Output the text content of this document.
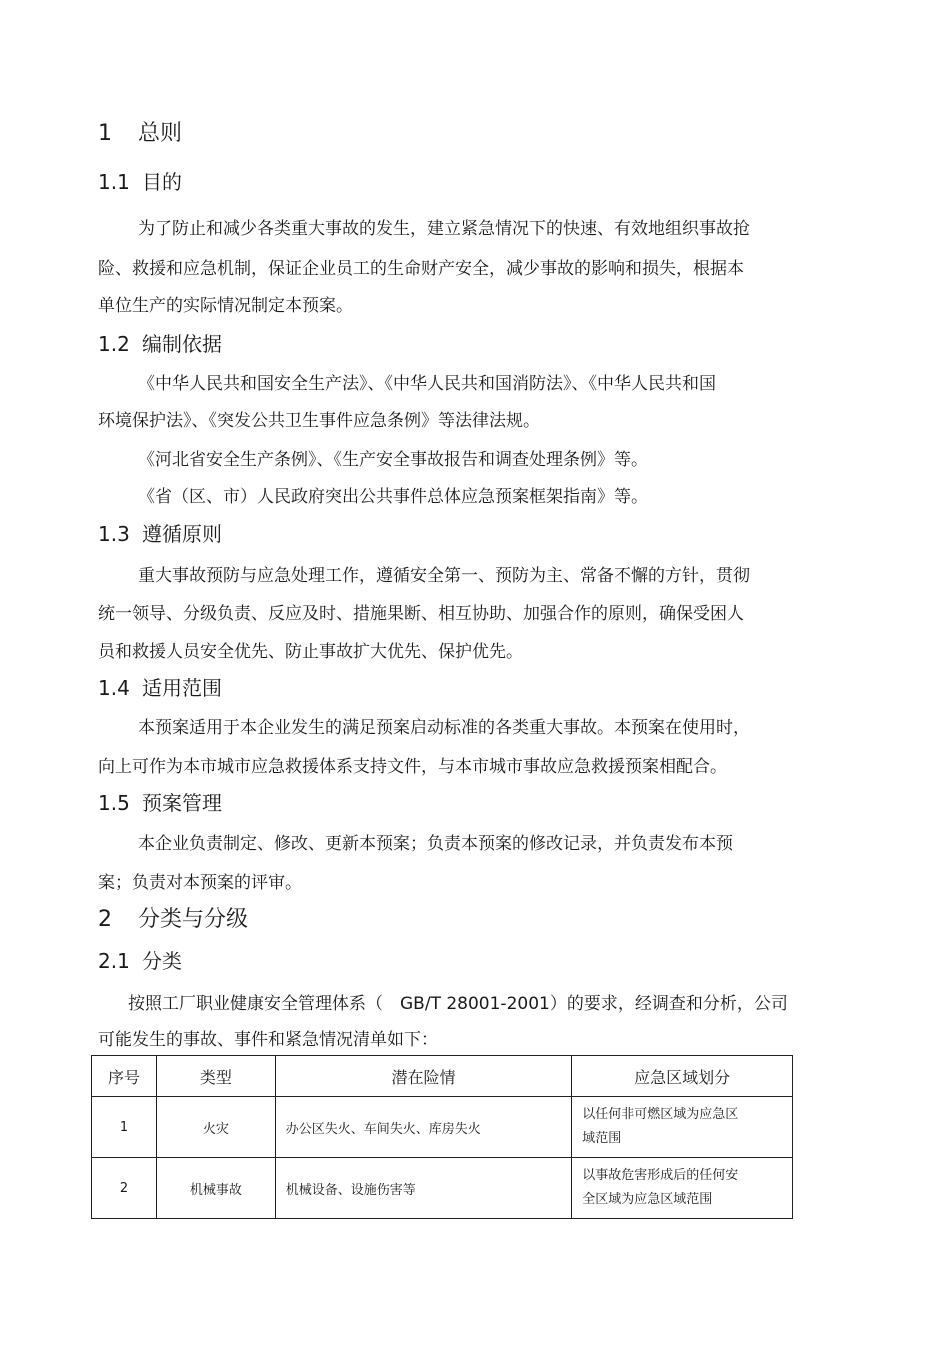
1 总则
1.1 目的
为了防止和减少各类重大事故的发生，建立紧急情况下的快速、有效地组织事故抢
险、救援和应急机制，保证企业员工的生命财产安全，减少事故的影响和损失，根据本
单位生产的实际情况制定本预案。
1.2 编制依据
《中华人民共和国安全生产法》、《中华人民共和国消防法》、《中华人民共和国
环境保护法》、《突发公共卫生事件应急条例》等法律法规。
《河北省安全生产条例》、《生产安全事故报告和调查处理条例》等。
《省（区、市）人民政府突出公共事件总体应急预案框架指南》等。
1.3 遵循原则
重大事故预防与应急处理工作，遵循安全第一、预防为主、常备不懈的方针，贯彻
统一领导、分级负责、反应及时、措施果断、相互协助、加强合作的原则，确保受困人
员和救援人员安全优先、防止事故扩大优先、保护优先。
1.4 适用范围
本预案适用于本企业发生的满足预案启动标准的各类重大事故。本预案在使用时，
向上可作为本市城市应急救援体系支持文件，与本市城市事故应急救援预案相配合。
1.5 预案管理
本企业负责制定、修改、更新本预案；负责本预案的修改记录，并负责发布本预
案；负责对本预案的评审。
2 分类与分级
2.1 分类
按照工厂职业健康安全管理体系（　GB/T 28001-2001）的要求，经调查和分析，公司
可能发生的事故、事件和紧急情况清单如下：
序号	类型	潜在险情	应急区域划分
1	火灾	办公区失火、车间失火、库房失火	以任何非可燃区域为应急区
域范围

2	机械事故	机械设备、设施伤害等	以事故危害形成后的任何安
全区域为应急区域范围
